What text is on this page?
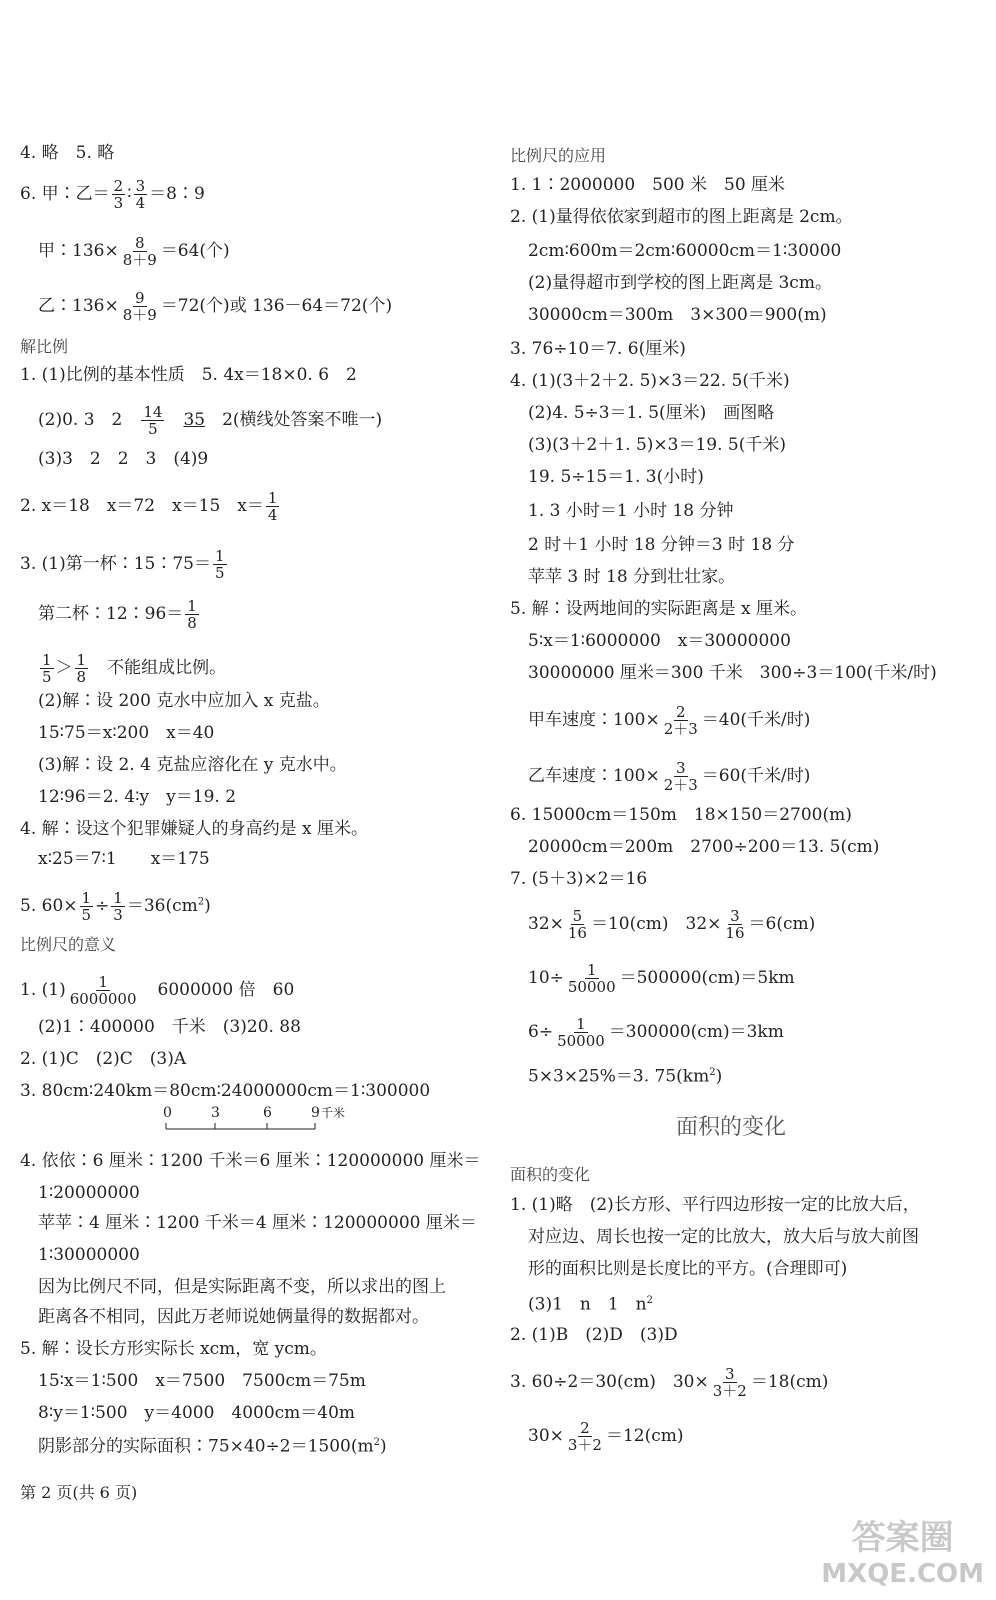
4. 略　5. 略
6. 甲∶乙＝ $\frac{2}{3}$ ∶ $\frac{3}{4}$ ＝8∶9
甲∶136× $\frac{8}{8+9} =64$(个)
乙∶136× $\frac{9}{8+9} =72$(个)或 136－64＝72(个)
解比例
1. (1)比例的基本性质　5. 4x＝18×0. 6　2
(2)0. 3　2　 $\frac{14}{5}$
　 35　 2(横线处答案不唯一)
(3)3　2　2　3　(4)9
2. x＝18　x＝72　x＝15　$x= \frac{1}{4}$
3. (1)第一杯∶15∶75＝ $\frac{1}{5}$
第二杯∶12∶96＝ $\frac{1}{8}$
$\frac{1}{5} > \frac{1}{8}$ 　不能组成比例。
(2)解∶设 200 克水中应加入 x 克盐。
15∶75＝x∶200　x＝40
(3)解∶设 2. 4 克盐应溶化在 y 克水中。
12∶96＝2. 4∶y　y＝19. 2
4. 解∶设这个犯罪嫌疑人的身高约是 x 厘米。
x∶25＝7∶1　　x＝175
5. $60\times \frac{1}{5} \div \frac{1}{3} =36(cm^2)$
比例尺的意义
1. $(1) \frac{1}{6000000}$ 　6000000 倍　60
(2)1∶400000　千米　(3)20. 88
2. (1)C　(2)C　(3)A
3. 80cm∶240km＝80cm∶24000000cm＝1∶300000
0	3	6	9 千米
4. 依依∶6 厘米∶1200 千米＝6 厘米∶120000000 厘米＝
1∶20000000
苹苹∶4 厘米∶1200 千米＝4 厘米∶120000000 厘米＝
1∶30000000
因为比例尺不同，但是实际距离不变，所以求出的图上
距离各不相同，因此万老师说她俩量得的数据都对。
5. 解∶设长方形实际长 xcm，宽 ycm。
15∶x＝1∶500　x＝7500　7500cm＝75m
8∶y＝1∶500　y＝4000　4000cm＝40m
阴影部分的实际面积$∶75\times 40\div 2=1500(m^2)$
第 2 页(共 6 页)
比例尺的应用
1. 1∶2000000　500 米　50 厘米
2. (1)量得依依家到超市的图上距离是 2cm。
2cm∶600m＝2cm∶60000cm＝1∶30000
(2)量得超市到学校的图上距离是 3cm。
30000cm＝300m　3×300＝900(m)
3. 76÷10＝7. 6(厘米)
4. (1)(3＋2＋2. 5)×3＝22. 5(千米)
(2)4. 5÷3＝1. 5(厘米)　画图略
(3)(3＋2＋1. 5)×3＝19. 5(千米)
19. 5÷15＝1. 3(小时)
1. 3 小时＝1 小时 18 分钟
2 时＋1 小时 18 分钟＝3 时 18 分
苹苹 3 时 18 分到壮壮家。
5. 解∶设两地间的实际距离是 x 厘米。
5∶x＝1∶6000000　x＝30000000
30000000 厘米＝300 千米　300÷3＝100(千米/时)
甲车速度∶100× $\frac{2}{2+3} =40$(千米/时)
乙车速度∶100× $\frac{3}{2+3} =60$(千米/时)
6. 15000cm＝150m　18×150＝2700(m)
20000cm＝200m　2700÷200＝13. 5(cm)
7. (5＋3)×2＝16
$32\times \frac{5}{16} =10(cm)$　$32\times \frac{3}{16} =6(cm)$
$10\div \frac{1}{50000} =500000(cm)=5km$
$6\div \frac{1}{50000} =300000(cm)=3km$
5×3×25%＝3. $75(km^2)$
面积的变化
面积的变化
1. (1)略　(2)长方形、平行四边形按一定的比放大后，
对应边、周长也按一定的比放大，放大后与放大前图
形的面积比则是长度比的平方。(合理即可)
(3)1　n　1　$n^2$
2. (1)B　(2)D　(3)D
3. 60÷2＝30(cm)　$30\times \frac{3}{3+2} =18(cm)$
$30\times \frac{2}{3+2} =12(cm)$
答案圈
MXQE.COM
